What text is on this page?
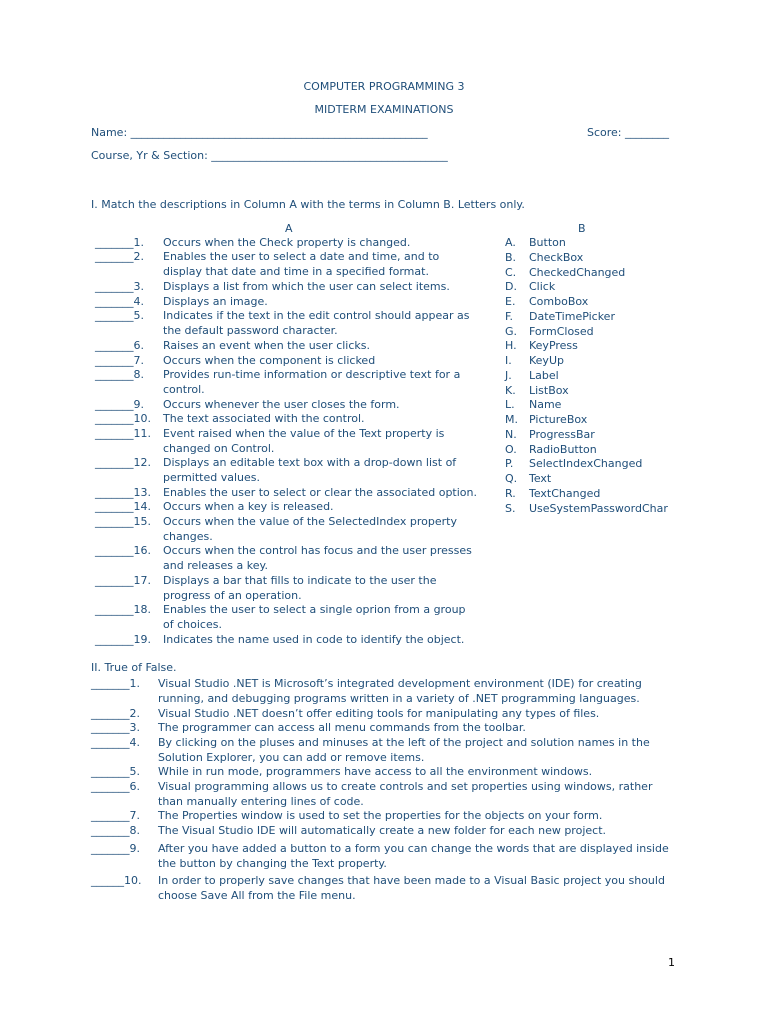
COMPUTER PROGRAMMING 3
MIDTERM EXAMINATIONS
Name: ______________________________________________________	Score: ________
Course, Yr & Section: ___________________________________________
I. Match the descriptions in Column A with the terms in Column B. Letters only.
A	B
_______1. Occurs when the Check property is changed.
_______2. Enables the user to select a date and time, and to
display that date and time in a specified format.
_______3. Displays a list from which the user can select items.
_______4. Displays an image.
_______5. Indicates if the text in the edit control should appear as
the default password character.
_______6. Raises an event when the user clicks.
_______7. Occurs when the component is clicked
_______8. Provides run-time information or descriptive text for a
control.
_______9. Occurs whenever the user closes the form.
_______10. The text associated with the control.
_______11. Event raised when the value of the Text property is
changed on Control.
_______12. Displays an editable text box with a drop-down list of
permitted values.
_______13. Enables the user to select or clear the associated option.
_______14. Occurs when a key is released.
_______15. Occurs when the value of the SelectedIndex property
changes.
_______16. Occurs when the control has focus and the user presses
and releases a key.
_______17. Displays a bar that fills to indicate to the user the
progress of an operation.
_______18. Enables the user to select a single oprion from a group
of choices.
_______19. Indicates the name used in code to identify the object.
A. Button
B. CheckBox
C. CheckedChanged
D. Click
E. ComboBox
F. DateTimePicker
G. FormClosed
H. KeyPress
I. KeyUp
J. Label
K. ListBox
L. Name
M. PictureBox
N. ProgressBar
O. RadioButton
P. SelectIndexChanged
Q. Text
R. TextChanged
S. UseSystemPasswordChar
II. True of False.
_______1. Visual Studio .NET is Microsoft’s integrated development environment (IDE) for creating
running, and debugging programs written in a variety of .NET programming languages.
_______2. Visual Studio .NET doesn’t offer editing tools for manipulating any types of files.
_______3. The programmer can access all menu commands from the toolbar.
_______4. By clicking on the pluses and minuses at the left of the project and solution names in the
Solution Explorer, you can add or remove items.
_______5. While in run mode, programmers have access to all the environment windows.
_______6. Visual programming allows us to create controls and set properties using windows, rather
than manually entering lines of code.
_______7. The Properties window is used to set the properties for the objects on your form.
_______8. The Visual Studio IDE will automatically create a new folder for each new project.
_______9. After you have added a button to a form you can change the words that are displayed inside
the button by changing the Text property.
______10. In order to properly save changes that have been made to a Visual Basic project you should
choose Save All from the File menu.
1
